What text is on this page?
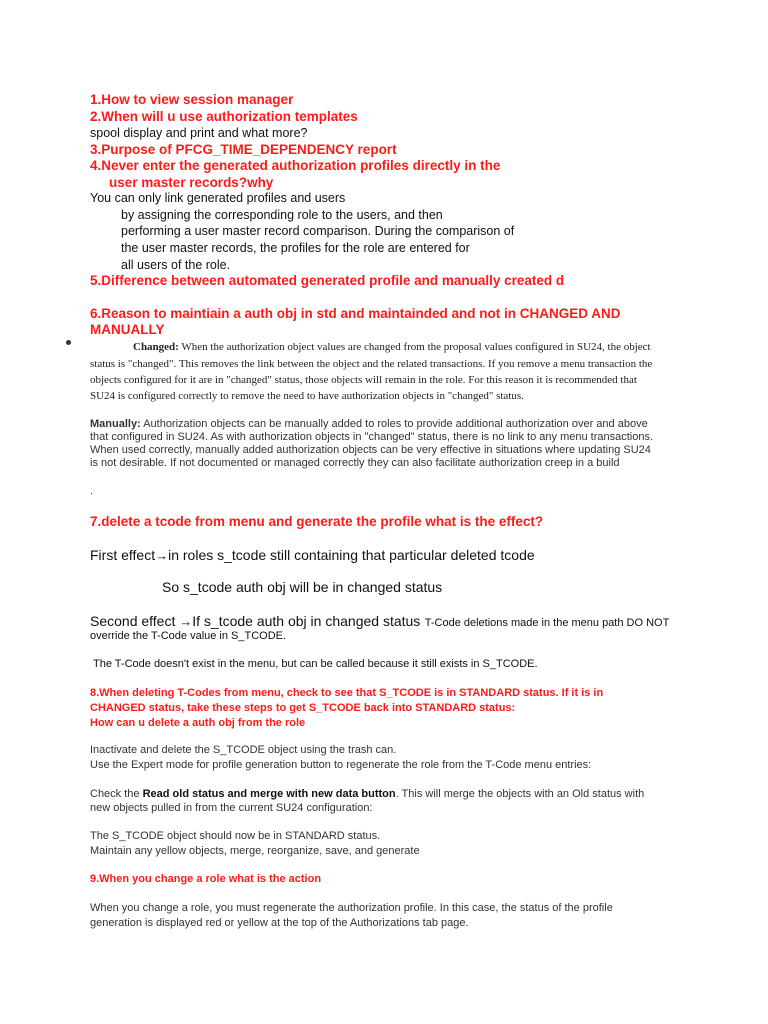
1.How to view session manager
2.When will u use authorization templates
spool display and print and what more?
3.Purpose of PFCG_TIME_DEPENDENCY report
4.Never enter the generated authorization profiles directly in the
user master records?why
You can only link generated profiles and users
by assigning the corresponding role to the users, and then
performing a user master record comparison. During the comparison of
the user master records, the profiles for the role are entered for
all users of the role.
5.Difference between automated generated profile and manually created d
6.Reason to maintiain a auth obj in std and maintainded and not in CHANGED AND
MANUALLY
Changed: When the authorization object values are changed from the proposal values configured in SU24, the object
status is "changed". This removes the link between the object and the related transactions. If you remove a menu transaction the
objects configured for it are in "changed" status, those objects will remain in the role. For this reason it is recommended that
SU24 is configured correctly to remove the need to have authorization objects in "changed" status.
Manually: Authorization objects can be manually added to roles to provide additional authorization over and above
that configured in SU24. As with authorization objects in "changed" status, there is no link to any menu transactions.
When used correctly, manually added authorization objects can be very effective in situations where updating SU24
is not desirable. If not documented or managed correctly they can also facilitate authorization creep in a build
.
7.delete a tcode from menu and generate the profile what is the effect?
First effect→in roles s_tcode still containing that particular deleted tcode
So s_tcode auth obj will be in changed status
Second effect →If s_tcode auth obj in changed status T-Code deletions made in the menu path DO NOT
override the T-Code value in S_TCODE.
The T-Code doesn't exist in the menu, but can be called because it still exists in S_TCODE.
8.When deleting T-Codes from menu, check to see that S_TCODE is in STANDARD status. If it is in
CHANGED status, take these steps to get S_TCODE back into STANDARD status:
How can u delete a auth obj from the role
Inactivate and delete the S_TCODE object using the trash can.
Use the Expert mode for profile generation button to regenerate the role from the T-Code menu entries:
Check the Read old status and merge with new data button. This will merge the objects with an Old status with
new objects pulled in from the current SU24 configuration:
The S_TCODE object should now be in STANDARD status.
Maintain any yellow objects, merge, reorganize, save, and generate
9.When you change a role what is the action
When you change a role, you must regenerate the authorization profile. In this case, the status of the profile
generation is displayed red or yellow at the top of the Authorizations tab page.
